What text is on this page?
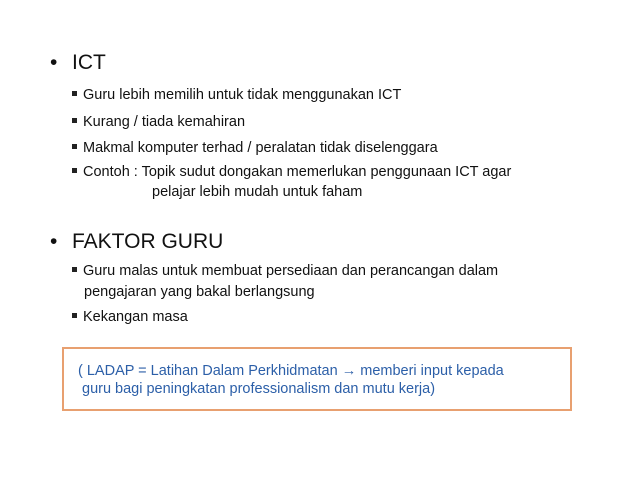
• ICT
Guru lebih memilih untuk tidak menggunakan ICT
Kurang / tiada kemahiran
Makmal komputer terhad / peralatan tidak diselenggara
Contoh : Topik sudut dongakan memerlukan penggunaan ICT agar
pelajar lebih mudah untuk faham
• FAKTOR GURU
Guru malas untuk membuat persediaan dan perancangan dalam
pengajaran yang bakal berlangsung
Kekangan masa
( LADAP = Latihan Dalam Perkhidmatan → memberi input kepada
guru bagi peningkatan professionalism dan mutu kerja)
